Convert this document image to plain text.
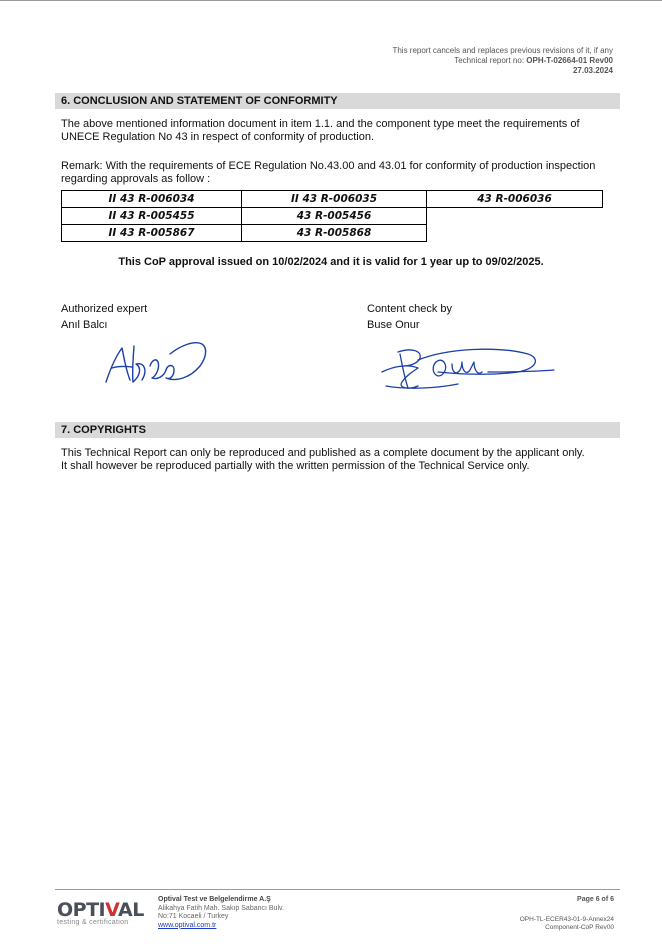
This report cancels and replaces previous revisions of it, if any
Technical report no: OPH-T-02664-01 Rev00
27.03.2024
6. CONCLUSION AND STATEMENT OF CONFORMITY
The above mentioned information document in item 1.1. and the component type meet the requirements of
UNECE Regulation No 43 in respect of conformity of production.
Remark: With the requirements of ECE Regulation No.43.00 and 43.01 for conformity of production inspection
regarding approvals as follow :
II 43 R-006034	II 43 R-006035	43 R-006036
II 43 R-005455	43 R-005456	
II 43 R-005867	43 R-005868	
This CoP approval issued on 10/02/2024 and it is valid for 1 year up to 09/02/2025.
Authorized expert
Anıl Balcı
Content check by
Buse Onur
7. COPYRIGHTS
This Technical Report can only be reproduced and published as a complete document by the applicant only.
It shall however be reproduced partially with the written permission of the Technical Service only.
OPTIVAL
testing & certification
Optival Test ve Belgelendirme A.Ş
Alikahya Fatih Mah. Sakıp Sabancı Bulv.
No:71 Kocaeli / Turkey
www.optival.com.tr
Page 6 of 6
OPH-TL-ECER43-01-9-Annex24
Component-CoP Rev00
